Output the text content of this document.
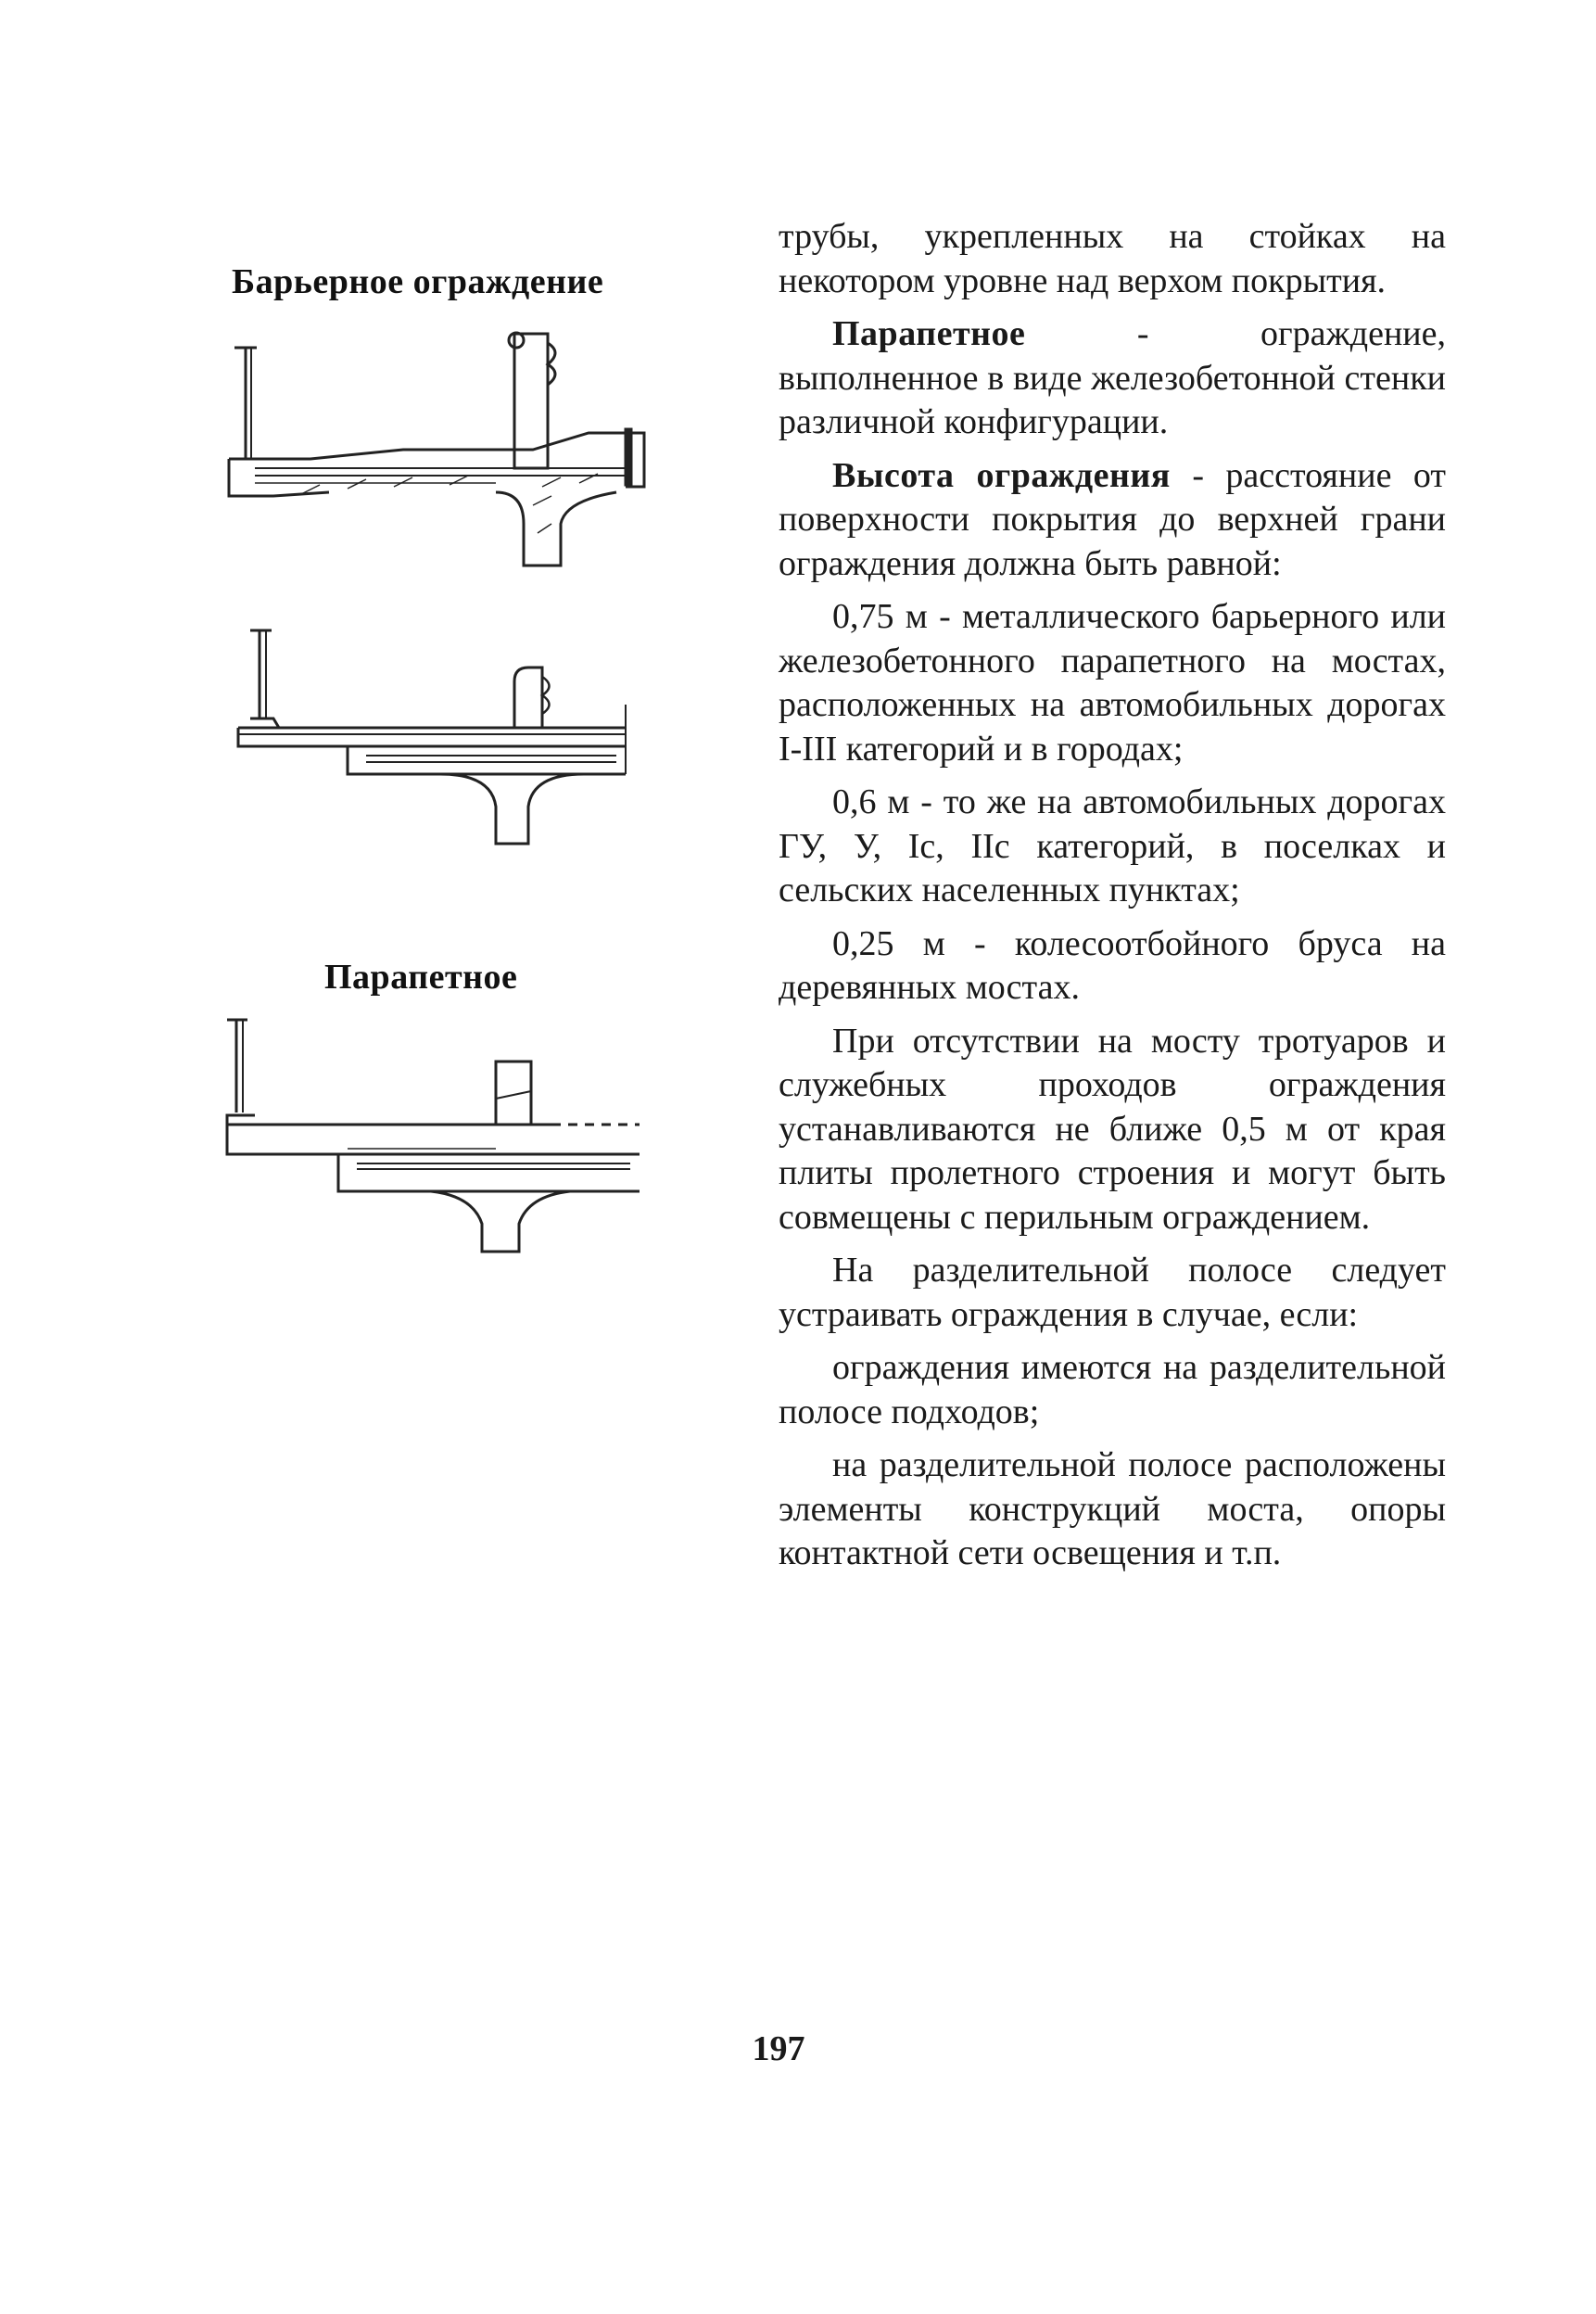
Барьерное ограждение
Парапетное

трубы, укрепленных на стойках на некотором уровне над верхом покрытия.

Парапетное - ограждение, выполненное в виде железобетонной стенки различной конфигурации.

Высота ограждения - расстояние от поверхности покрытия до верхней грани ограждения должна быть равной:

0,75 м - металлического барьерного или железобетонного парапетного на мостах, расположенных на автомобильных дорогах I-III категорий и в городах;

0,6 м - то же на автомобильных дорогах ГУ, У, Iс, IIс категорий, в поселках и сельских населенных пунктах;

0,25 м - колесоотбойного бруса на деревянных мостах.

При отсутствии на мосту тротуаров и служебных проходов ограждения устанавливаются не ближе 0,5 м от края плиты пролетного строения и могут быть совмещены с перильным ограждением.

На разделительной полосе следует устраивать ограждения в случае, если:

ограждения имеются на разделительной полосе подходов;

на разделительной полосе расположены элементы конструкций моста, опоры контактной сети освещения и т.п.

197
